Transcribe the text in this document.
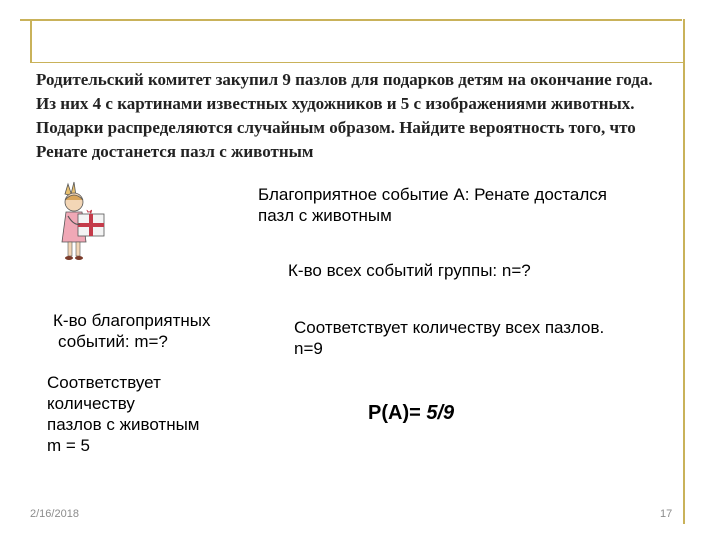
Родительский комитет закупил 9 пазлов для подарков детям на окончание года. Из них 4 с картинами известных художников и 5 с изображениями животных. Подарки распределяются случайным образом. Найдите вероятность того, что Ренате достанется пазл с животным
Благоприятное событие А: Ренате достался
пазл с животным
К-во всех событий группы: n=?
К-во благоприятных
событий: m=?
Соответствует количеству всех пазлов.
n=9
Соответствует
количеству
пазлов с животным
m = 5
P(A)= 5/9
2/16/2018	17
